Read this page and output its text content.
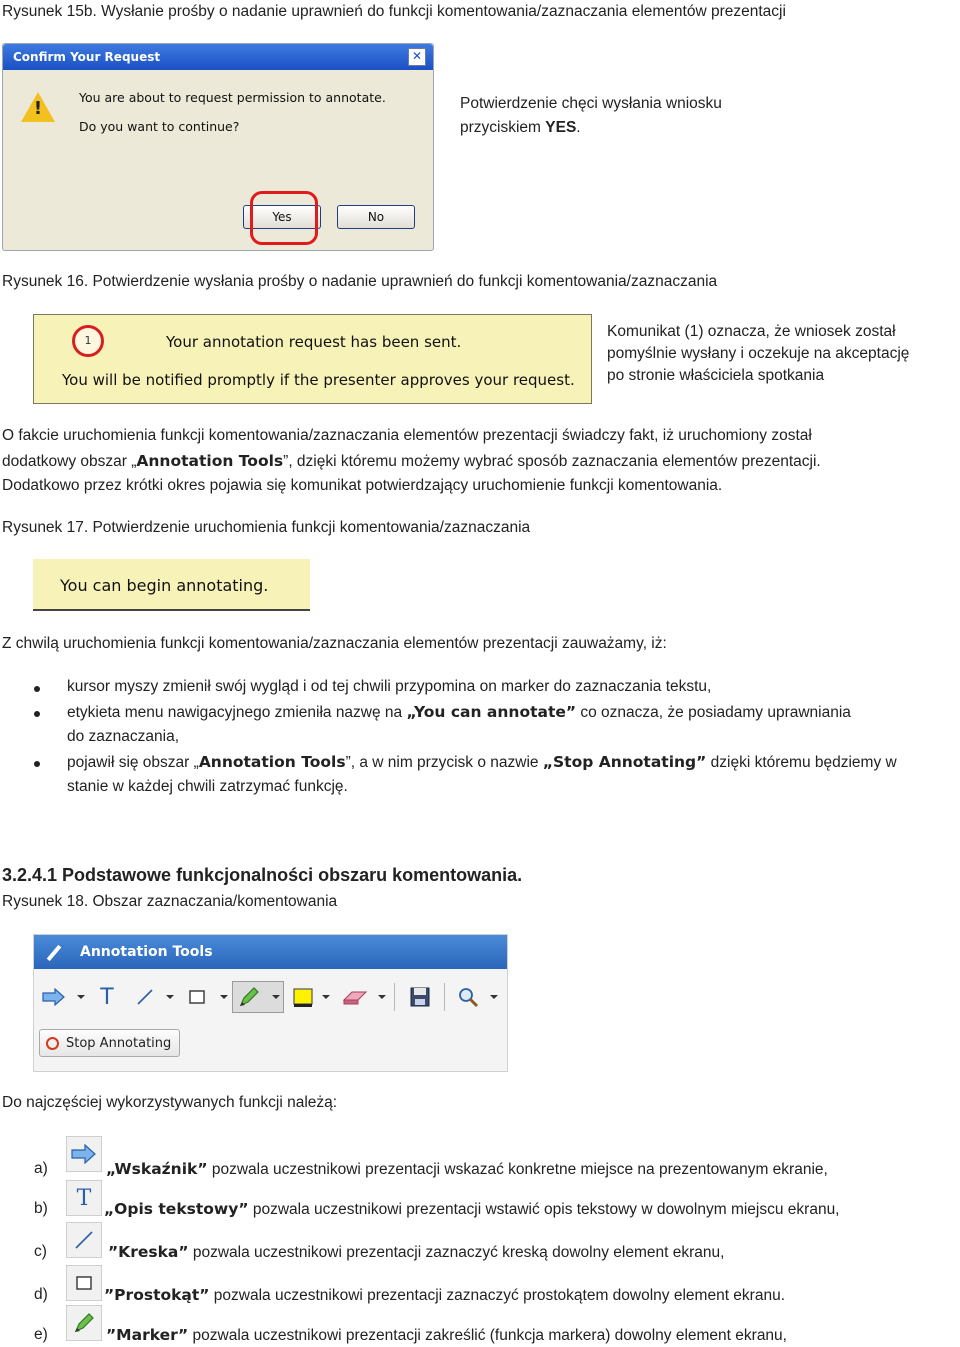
Rysunek 15b. Wysłanie prośby o nadanie uprawnień do funkcji komentowania/zaznaczania elementów prezentacji
Confirm Your Request	✕
!
You are about to request permission to annotate.
Do you want to continue?
Yes	No
Potwierdzenie chęci wysłania wniosku
przyciskiem YES.
Rysunek 16. Potwierdzenie wysłania prośby o nadanie uprawnień do funkcji komentowania/zaznaczania
1	Your annotation request has been sent.
You will be notified promptly if the presenter approves your request.
Komunikat (1) oznacza, że wniosek został
pomyślnie wysłany i oczekuje na akceptację
po stronie właściciela spotkania
O fakcie uruchomienia funkcji komentowania/zaznaczania elementów prezentacji świadczy fakt, iż uruchomiony został
dodatkowy obszar „Annotation Tools”, dzięki któremu możemy wybrać sposób zaznaczania elementów prezentacji.
Dodatkowo przez krótki okres pojawia się komunikat potwierdzający uruchomienie funkcji komentowania.
Rysunek 17. Potwierdzenie uruchomienia funkcji komentowania/zaznaczania
You can begin annotating.
Z chwilą uruchomienia funkcji komentowania/zaznaczania elementów prezentacji zauważamy, iż:
kursor myszy zmienił swój wygląd i od tej chwili przypomina on marker do zaznaczania tekstu,
etykieta menu nawigacyjnego zmieniła nazwę na „You can annotate” co oznacza, że posiadamy uprawniania
do zaznaczania,
pojawił się obszar „Annotation Tools”, a w nim przycisk o nazwie „Stop Annotating” dzięki któremu będziemy w
stanie w każdej chwili zatrzymać funkcję.
3.2.4.1 Podstawowe funkcjonalności obszaru komentowania.
Rysunek 18. Obszar zaznaczania/komentowania
Annotation Tools
T
Stop Annotating
Do najczęściej wykorzystywanych funkcji należą:
a)	„Wskaźnik” pozwala uczestnikowi prezentacji wskazać konkretne miejsce na prezentowanym ekranie,
T
b)	„Opis tekstowy” pozwala uczestnikowi prezentacji wstawić opis tekstowy w dowolnym miejscu ekranu,
c)	”Kreska” pozwala uczestnikowi prezentacji zaznaczyć kreską dowolny element ekranu,
d)	”Prostokąt” pozwala uczestnikowi prezentacji zaznaczyć prostokątem dowolny element ekranu.
e)	”Marker” pozwala uczestnikowi prezentacji zakreślić (funkcja markera) dowolny element ekranu,
